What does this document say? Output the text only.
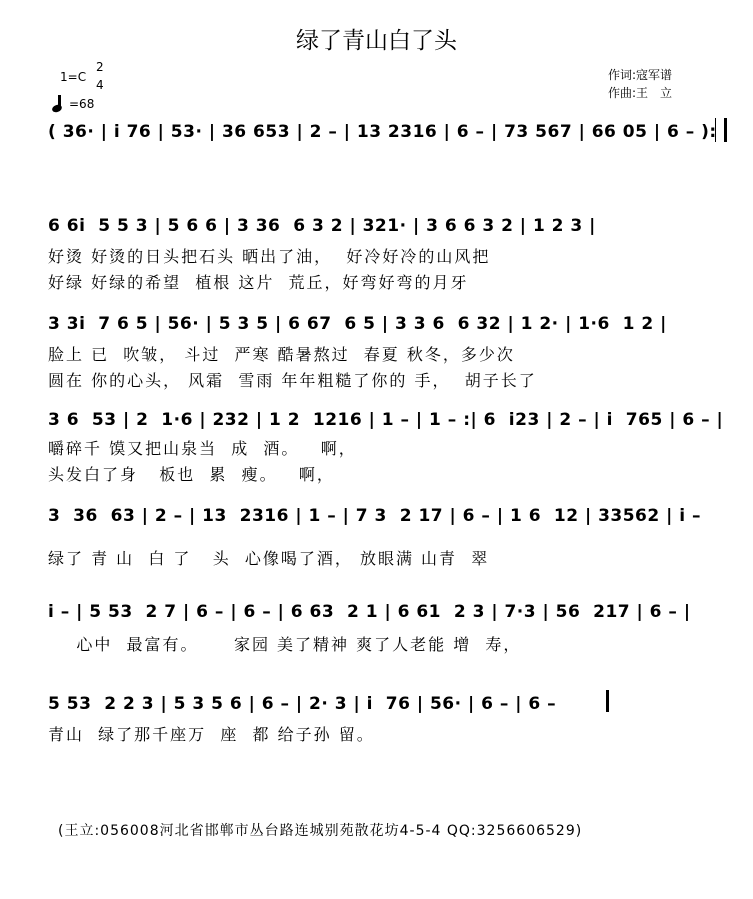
绿了青山白了头
1=C
2
4
=68
作词:寇军谱
作曲:王　立
( 36· | i 76 | 53· | 36 653 | 2 – | 13 2316 | 6 – | 73 567 | 66 05 | 6 – ):
6 6i  5 5 3 | 5 6 6 | 3 36  6 3 2 | 321· | 3 6 6 3 2 | 1 2 3 |
好烫 好烫的日头把石头 晒出了油，  好冷好冷的山风把
好绿 好绿的希望  植根 这片  荒丘，好弯好弯的月牙
3 3i  7 6 5 | 56· | 5 3 5 | 6 67  6 5 | 3 3 6  6 32 | 1 2· | 1·6  1 2 |
脸上 已  吹皱， 斗过  严寒 酷暑熬过  春夏 秋冬，多少次
圆在 你的心头， 风霜  雪雨 年年粗糙了你的 手，  胡子长了
3 6  53 | 2  1·6 | 232 | 1 2  1216 | 1 – | 1 – :| 6  i23 | 2 – | i  765 | 6 – |
嚼碎千 馍又把山泉当  成  酒。   啊，
头发白了身   板也  累  瘦。   啊，
3  36  63 | 2 – | 13  2316 | 1 – | 7 3  2 17 | 6 – | 1 6  12 | 33562 | i –
绿了 青 山  白 了   头  心像喝了酒， 放眼满 山青  翠
i – | 5 53  2 7 | 6 – | 6 – | 6 63  2 1 | 6 61  2 3 | 7·3 | 56  217 | 6 – |
心中  最富有。     家园 美了精神 爽了人老能 增  寿，
5 53  2 2 3 | 5 3 5 6 | 6 – | 2· 3 | i  76 | 56· | 6 – | 6 –
青山  绿了那千座万  座  都 给子孙 留。
(王立:056008河北省邯郸市丛台路连城别苑散花坊4-5-4 QQ:3256606529)
